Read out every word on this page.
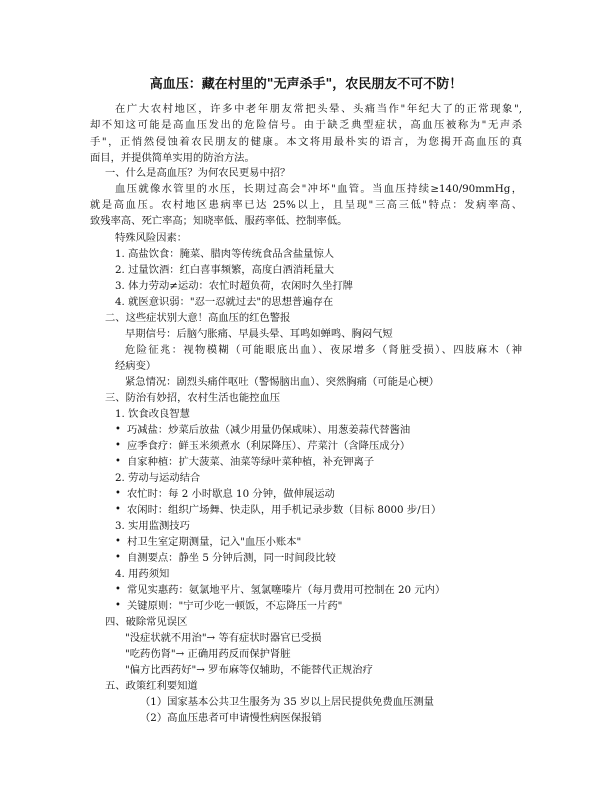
高血压：藏在村里的"无声杀手"，农民朋友不可不防！
在广大农村地区，许多中老年朋友常把头晕、头痛当作"年纪大了的正常现象",
却不知这可能是高血压发出的危险信号。由于缺乏典型症状，高血压被称为"无声杀
手"，正悄然侵蚀着农民朋友的健康。本文将用最朴实的语言，为您揭开高血压的真
面目，并提供简单实用的防治方法。
一、什么是高血压？为何农民更易中招？
血压就像水管里的水压，长期过高会"冲坏"血管。当血压持续≥140/90mmHg，
就是高血压。农村地区患病率已达 25%以上，且呈现"三高三低"特点：发病率高、
致残率高、死亡率高；知晓率低、服药率低、控制率低。
特殊风险因素：
1. 高盐饮食：腌菜、腊肉等传统食品含盐量惊人
2. 过量饮酒：红白喜事频繁，高度白酒消耗量大
3. 体力劳动≠运动：农忙时超负荷，农闲时久坐打牌
4. 就医意识弱："忍一忍就过去"的思想普遍存在
二、这些症状别大意！高血压的红色警报
早期信号：后脑勺胀痛、早晨头晕、耳鸣如蝉鸣、胸闷气短
危险征兆：视物模糊（可能眼底出血）、夜尿增多（肾脏受损）、四肢麻木（神
经病变）
紧急情况：剧烈头痛伴呕吐（警惕脑出血）、突然胸痛（可能是心梗）
三、防治有妙招，农村生活也能控血压
1. 饮食改良智慧
• 巧减盐：炒菜后放盐（减少用量仍保咸味）、用葱姜蒜代替酱油
• 应季食疗：鲜玉米须煮水（利尿降压）、芹菜汁（含降压成分）
• 自家种植：扩大菠菜、油菜等绿叶菜种植，补充钾离子
2. 劳动与运动结合
• 农忙时：每 2 小时歇息 10 分钟，做伸展运动
• 农闲时：组织广场舞、快走队，用手机记录步数（目标 8000 步/日）
3. 实用监测技巧
• 村卫生室定期测量，记入"血压小账本"
• 自测要点：静坐 5 分钟后测，同一时间段比较
4. 用药须知
• 常见实惠药：氨氯地平片、氢氯噻嗪片（每月费用可控制在 20 元内）
• 关键原则："宁可少吃一顿饭，不忘降压一片药"
四、破除常见误区
"没症状就不用治"→ 等有症状时器官已受损
"吃药伤肾"→ 正确用药反而保护肾脏
"偏方比西药好"→ 罗布麻等仅辅助，不能替代正规治疗
五、政策红利要知道
（1）国家基本公共卫生服务为 35 岁以上居民提供免费血压测量
（2）高血压患者可申请慢性病医保报销
